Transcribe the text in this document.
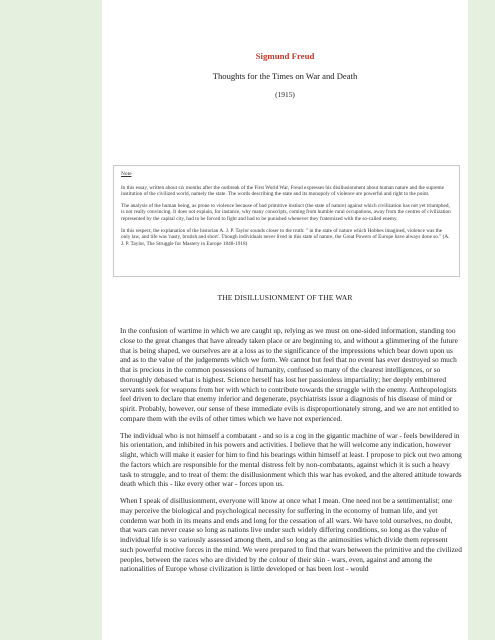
Sigmund Freud
Thoughts for the Times on War and Death
(1915)
Note

In this essay, written about six months after the outbreak of the First World War, Freud expresses his disillusionment about human nature and the supreme institution of the civilized world, namely the state. The words describing the state and its monopoly of violence are powerful and right to the point.

The analysis of the human being, as prone to violence because of bad primitive instinct (the state of nature) against which civilization has not yet triumphed, is not really convincing. It does not explain, for instance, why many conscripts, coming from humble rural occupations, away from the centres of civilization represented by the capital city, had to be forced to fight and had to be punished whenever they fraternized with the so-called enemy.

In this respect, the explanation of the historian A. J. P. Taylor sounds closer to the truth: " in the state of nature which Hobbes imagined, violence was the only law, and life was 'nasty, brutish and short'. Though individuals never lived in this state of nature, the Great Powers of Europe have always done so." (A. J. P. Taylor, The Struggle for Mastery in Europe 1848-1918)

THE DISILLUSIONMENT OF THE WAR

In the confusion of wartime in which we are caught up, relying as we must on one-sided information, standing too close to the great changes that have already taken place or are beginning to, and without a glimmering of the future that is being shaped, we ourselves are at a loss as to the significance of the impressions which bear down upon us and as to the value of the judgements which we form. We cannot but feel that no event has ever destroyed so much that is precious in the common possessions of humanity, confused so many of the clearest intelligences, or so thoroughly debased what is highest. Science herself has lost her passionless impartiality; her deeply embittered servants seek for weapons from her with which to contribute towards the struggle with the enemy. Anthropologists feel driven to declare that enemy inferior and degenerate, psychiatrists issue a diagnosis of his disease of mind or spirit. Probably, however, our sense of these immediate evils is disproportionately strong, and we are not entitled to compare them with the evils of other times which we have not experienced.

The individual who is not himself a combatant - and so is a cog in the gigantic machine of war - feels bewildered in his orientation, and inhibited in his powers and activities. I believe that he will welcome any indication, however slight, which will make it easier for him to find his bearings within himself at least. I propose to pick out two among the factors which are responsible for the mental distress felt by non-combatants, against which it is such a heavy task to struggle, and to treat of them: the disillusionment which this war has evoked, and the altered attitude towards death which this - like every other war - forces upon us.

When I speak of disillusionment, everyone will know at once what I mean. One need not be a sentimentalist; one may perceive the biological and psychological necessity for suffering in the economy of human life, and yet condemn war both in its means and ends and long for the cessation of all wars. We have told ourselves, no doubt, that wars can never cease so long as nations live under such widely differing conditions, so long as the value of individual life is so variously assessed among them, and so long as the animosities which divide them represent such powerful motive forces in the mind. We were prepared to find that wars between the primitive and the civilized peoples, between the races who are divided by the colour of their skin - wars, even, against and among the nationalities of Europe whose civilization is little developed or has been lost - would
